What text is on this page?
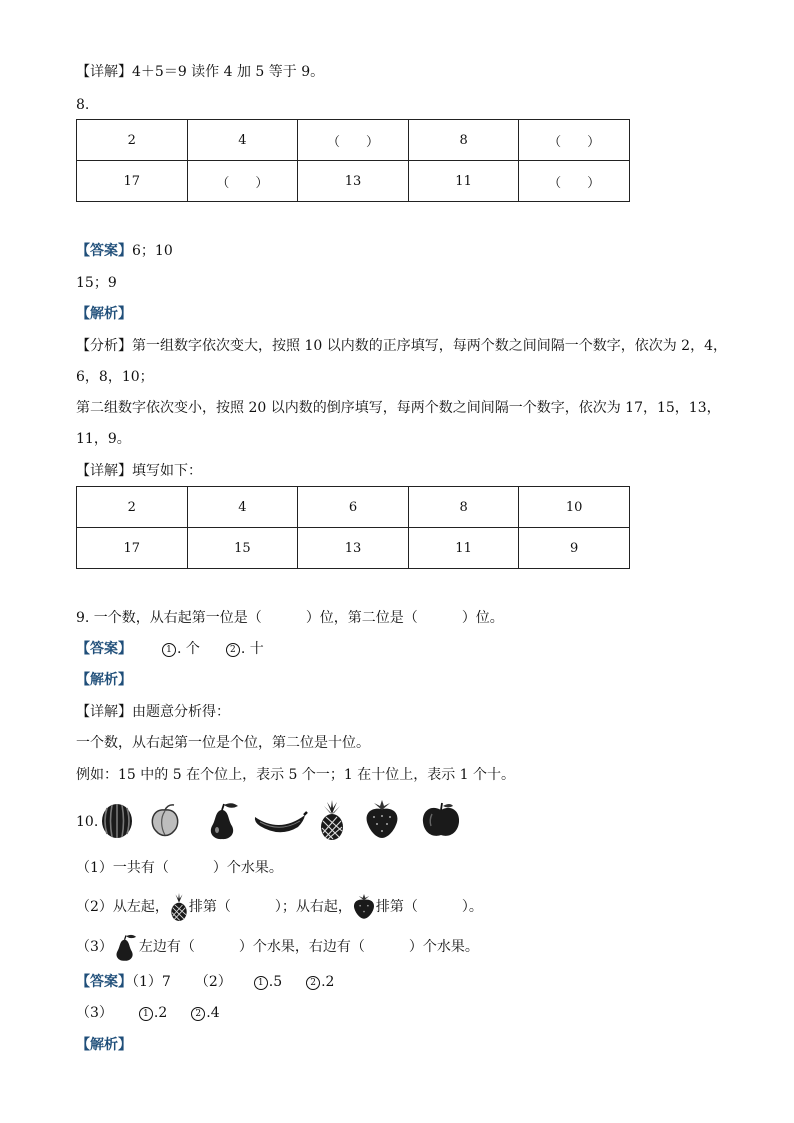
【详解】4＋5＝9 读作 4 加 5 等于 9。
8.
2	4	（　　）	8	（　　）
17	（　　）	13	11	（　　）
【答案】6；10
15；9
【解析】
【分析】第一组数字依次变大，按照 10 以内数的正序填写，每两个数之间间隔一个数字，依次为 2，4，
6，8，10；
第二组数字依次变小，按照 20 以内数的倒序填写，每两个数之间间隔一个数字，依次为 17，15，13，
11，9。
【详解】填写如下：
2	4	6	8	10
17	15	13	11	9
9. 一个数，从右起第一位是（	）位，第二位是（	）位。
【答案】	1 . 个	2 . 十
【解析】
【详解】由题意分析得：
一个数，从右起第一位是个位，第二位是十位。
例如：15 中的 5 在个位上，表示 5 个一；1 在十位上，表示 1 个十。
10.
（1）一共有（	）个水果。
（2）从左起， 排第（	）；从右起， 排第（	）。
（3） 左边有（	）个水果，右边有（	）个水果。
【答案】（1）7 （2）	1 .5	2 .2
（3）	1 .2	2 .4
【解析】
